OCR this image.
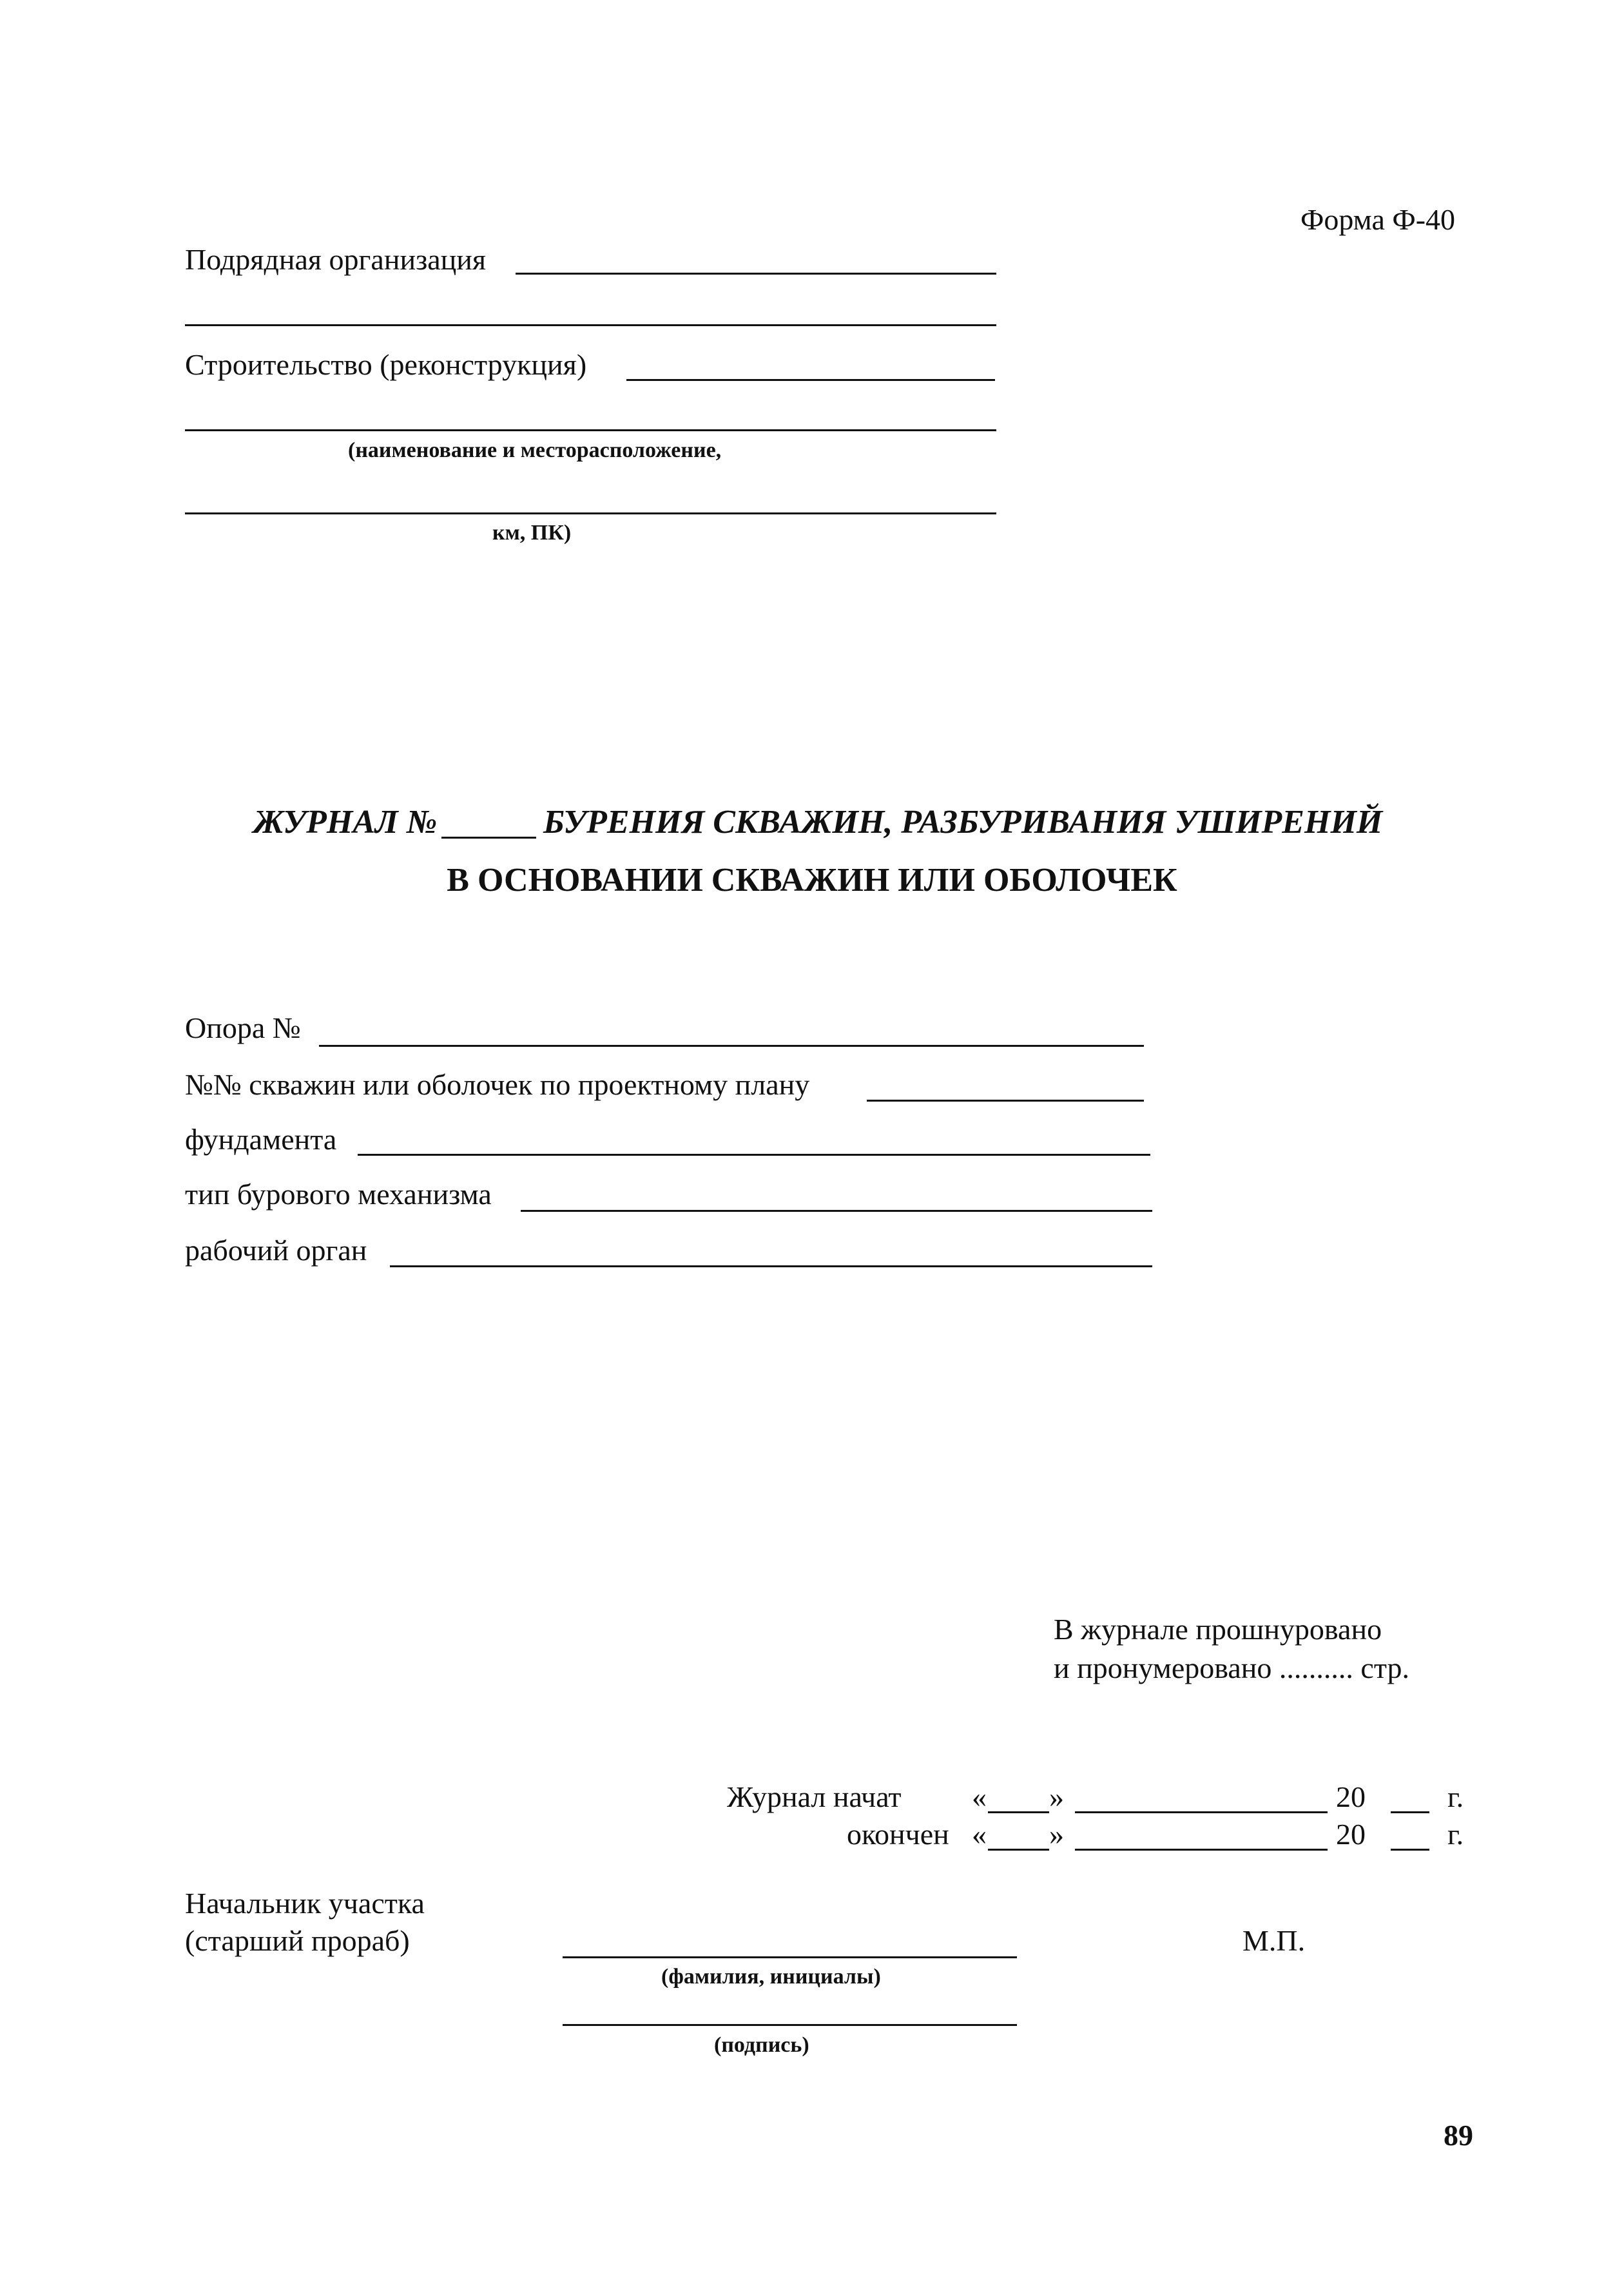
Форма Ф-40
Подрядная организация
Строительство (реконструкция)
(наименование и месторасположение,
км, ПК)
ЖУРНАЛ №	БУРЕНИЯ СКВАЖИН, РАЗБУРИВАНИЯ УШИРЕНИЙ
В ОСНОВАНИИ СКВАЖИН ИЛИ ОБОЛОЧЕК
Опора №
№№ скважин или оболочек по проектному плану
фундамента
тип бурового механизма
рабочий орган
В журнале прошнуровано
и пронумеровано .......... стр.
Журнал начат « »	20	г.
окончен « »	20	г.
Начальник участка
(старший прораб)
(фамилия, инициалы)
М.П.
(подпись)
89
